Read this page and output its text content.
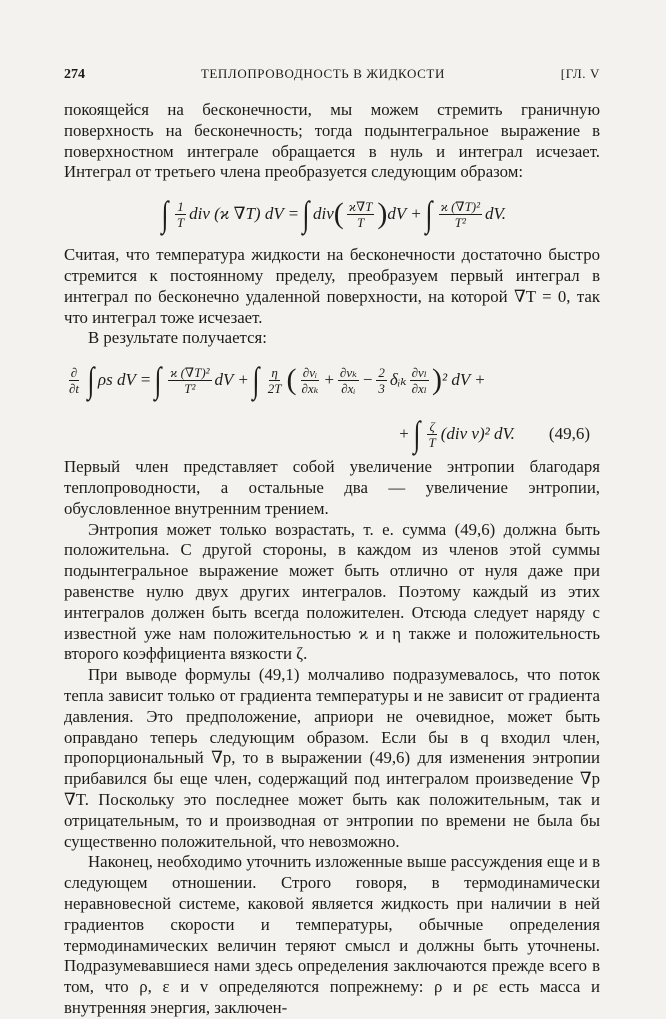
274	ТЕПЛОПРОВОДНОСТЬ В ЖИДКОСТИ	[ГЛ. V

покоящейся на бесконечности, мы можем стремить граничную поверхность на бесконечность; тогда подынтегральное выражение в поверхностном интеграле обращается в нуль и интеграл исчезает. Интеграл от третьего члена преобразуется следующим образом:

∫ $\frac{1}{T}$ div (ϰ ∇T) dV = ∫ div ( $\frac{ϰ\nabla T}{T}$ ) dV + ∫ $\frac{\text{ϰ (∇T)²}}{\text{T²}}$ dV.

Считая, что температура жидкости на бесконечности достаточно быстро стремится к постоянному пределу, преобразуем первый интеграл в интеграл по бесконечно удаленной поверхности, на которой ∇T = 0, так что интеграл тоже исчезает.

В результате получается:

$\frac{\partial}{\partial t}$ ∫ ρs dV = ∫ $\frac{\text{ϰ (∇T)²}}{\text{T²}}$ dV + ∫ $\frac{\eta}{2T}$ ( $\frac{\text{∂vᵢ}}{\text{∂xₖ}} + \frac{\text{∂vₖ}}{\text{∂xᵢ}} - \frac{2}{3}$ δᵢₖ $\frac{\text{∂vₗ}}{\text{∂xₗ}}$ ) ² dV +
+ ∫ $\frac{\zeta}{T} (div$ v)² dV. (49,6)

Первый член представляет собой увеличение энтропии благодаря теплопроводности, а остальные два — увеличение энтропии, обусловленное внутренним трением.

Энтропия может только возрастать, т. е. сумма (49,6) должна быть положительна. С другой стороны, в каждом из членов этой суммы подынтегральное выражение может быть отлично от нуля даже при равенстве нулю двух других интегралов. Поэтому каждый из этих интегралов должен быть всегда положителен. Отсюда следует наряду с известной уже нам положительностью ϰ и η также и положительность второго коэффициента вязкости ζ.

При выводе формулы (49,1) молчаливо подразумевалось, что поток тепла зависит только от градиента температуры и не зависит от градиента давления. Это предположение, априори не очевидное, может быть оправдано теперь следующим образом. Если бы в q входил член, пропорциональный ∇p, то в выражении (49,6) для изменения энтропии прибавился бы еще член, содержащий под интегралом произведение ∇p ∇T. Поскольку это последнее может быть как положительным, так и отрицательным, то и производная от энтропии по времени не была бы существенно положительной, что невозможно.

Наконец, необходимо уточнить изложенные выше рассуждения еще и в следующем отношении. Строго говоря, в термодинамически неравновесной системе, каковой является жидкость при наличии в ней градиентов скорости и температуры, обычные определения термодинамических величин теряют смысл и должны быть уточнены. Подразумевавшиеся нами здесь определения заключаются прежде всего в том, что ρ, ε и v определяются попрежнему: ρ и ρε есть масса и внутренняя энергия, заключен-
